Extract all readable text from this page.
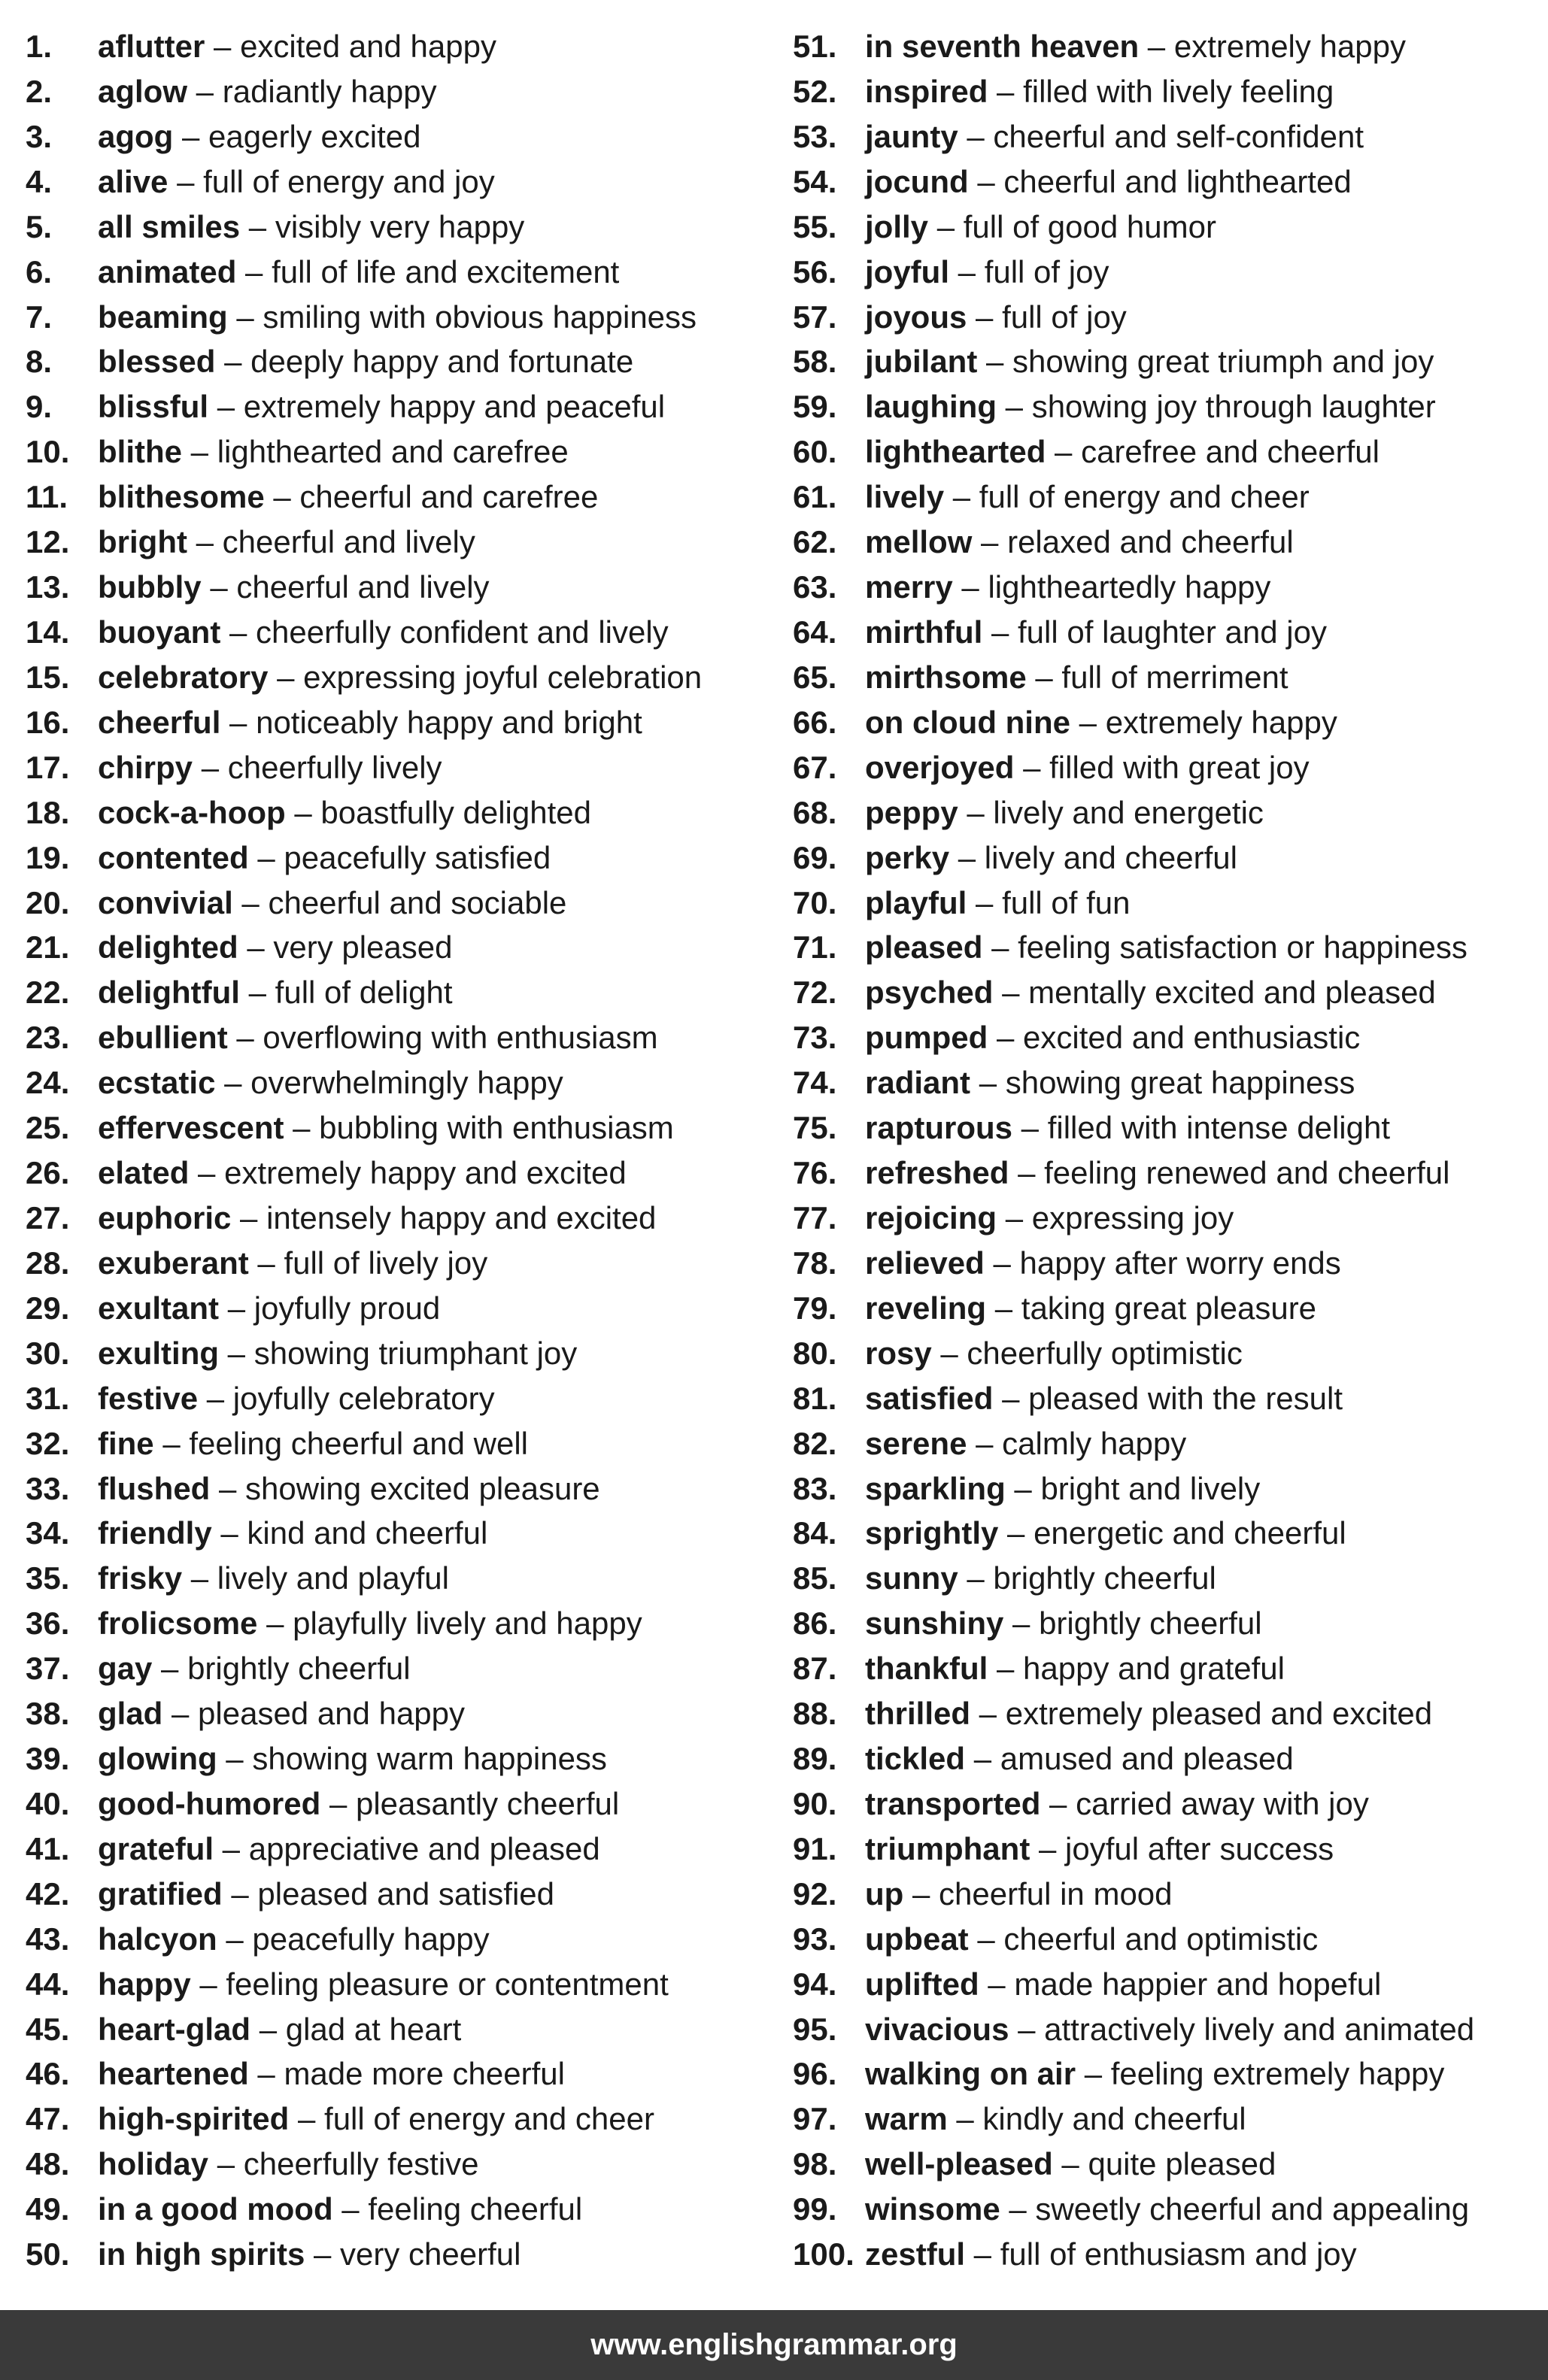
1. aflutter – excited and happy
2. aglow – radiantly happy
3. agog – eagerly excited
4. alive – full of energy and joy
5. all smiles – visibly very happy
6. animated – full of life and excitement
7. beaming – smiling with obvious happiness
8. blessed – deeply happy and fortunate
9. blissful – extremely happy and peaceful
10. blithe – lighthearted and carefree
11. blithesome – cheerful and carefree
12. bright – cheerful and lively
13. bubbly – cheerful and lively
14. buoyant – cheerfully confident and lively
15. celebratory – expressing joyful celebration
16. cheerful – noticeably happy and bright
17. chirpy – cheerfully lively
18. cock-a-hoop – boastfully delighted
19. contented – peacefully satisfied
20. convivial – cheerful and sociable
21. delighted – very pleased
22. delightful – full of delight
23. ebullient – overflowing with enthusiasm
24. ecstatic – overwhelmingly happy
25. effervescent – bubbling with enthusiasm
26. elated – extremely happy and excited
27. euphoric – intensely happy and excited
28. exuberant – full of lively joy
29. exultant – joyfully proud
30. exulting – showing triumphant joy
31. festive – joyfully celebratory
32. fine – feeling cheerful and well
33. flushed – showing excited pleasure
34. friendly – kind and cheerful
35. frisky – lively and playful
36. frolicsome – playfully lively and happy
37. gay – brightly cheerful
38. glad – pleased and happy
39. glowing – showing warm happiness
40. good-humored – pleasantly cheerful
41. grateful – appreciative and pleased
42. gratified – pleased and satisfied
43. halcyon – peacefully happy
44. happy – feeling pleasure or contentment
45. heart-glad – glad at heart
46. heartened – made more cheerful
47. high-spirited – full of energy and cheer
48. holiday – cheerfully festive
49. in a good mood – feeling cheerful
50. in high spirits – very cheerful
51. in seventh heaven – extremely happy
52. inspired – filled with lively feeling
53. jaunty – cheerful and self-confident
54. jocund – cheerful and lighthearted
55. jolly – full of good humor
56. joyful – full of joy
57. joyous – full of joy
58. jubilant – showing great triumph and joy
59. laughing – showing joy through laughter
60. lighthearted – carefree and cheerful
61. lively – full of energy and cheer
62. mellow – relaxed and cheerful
63. merry – lightheartedly happy
64. mirthful – full of laughter and joy
65. mirthsome – full of merriment
66. on cloud nine – extremely happy
67. overjoyed – filled with great joy
68. peppy – lively and energetic
69. perky – lively and cheerful
70. playful – full of fun
71. pleased – feeling satisfaction or happiness
72. psyched – mentally excited and pleased
73. pumped – excited and enthusiastic
74. radiant – showing great happiness
75. rapturous – filled with intense delight
76. refreshed – feeling renewed and cheerful
77. rejoicing – expressing joy
78. relieved – happy after worry ends
79. reveling – taking great pleasure
80. rosy – cheerfully optimistic
81. satisfied – pleased with the result
82. serene – calmly happy
83. sparkling – bright and lively
84. sprightly – energetic and cheerful
85. sunny – brightly cheerful
86. sunshiny – brightly cheerful
87. thankful – happy and grateful
88. thrilled – extremely pleased and excited
89. tickled – amused and pleased
90. transported – carried away with joy
91. triumphant – joyful after success
92. up – cheerful in mood
93. upbeat – cheerful and optimistic
94. uplifted – made happier and hopeful
95. vivacious – attractively lively and animated
96. walking on air – feeling extremely happy
97. warm – kindly and cheerful
98. well-pleased – quite pleased
99. winsome – sweetly cheerful and appealing
100. zestful – full of enthusiasm and joy
www.englishgrammar.org
